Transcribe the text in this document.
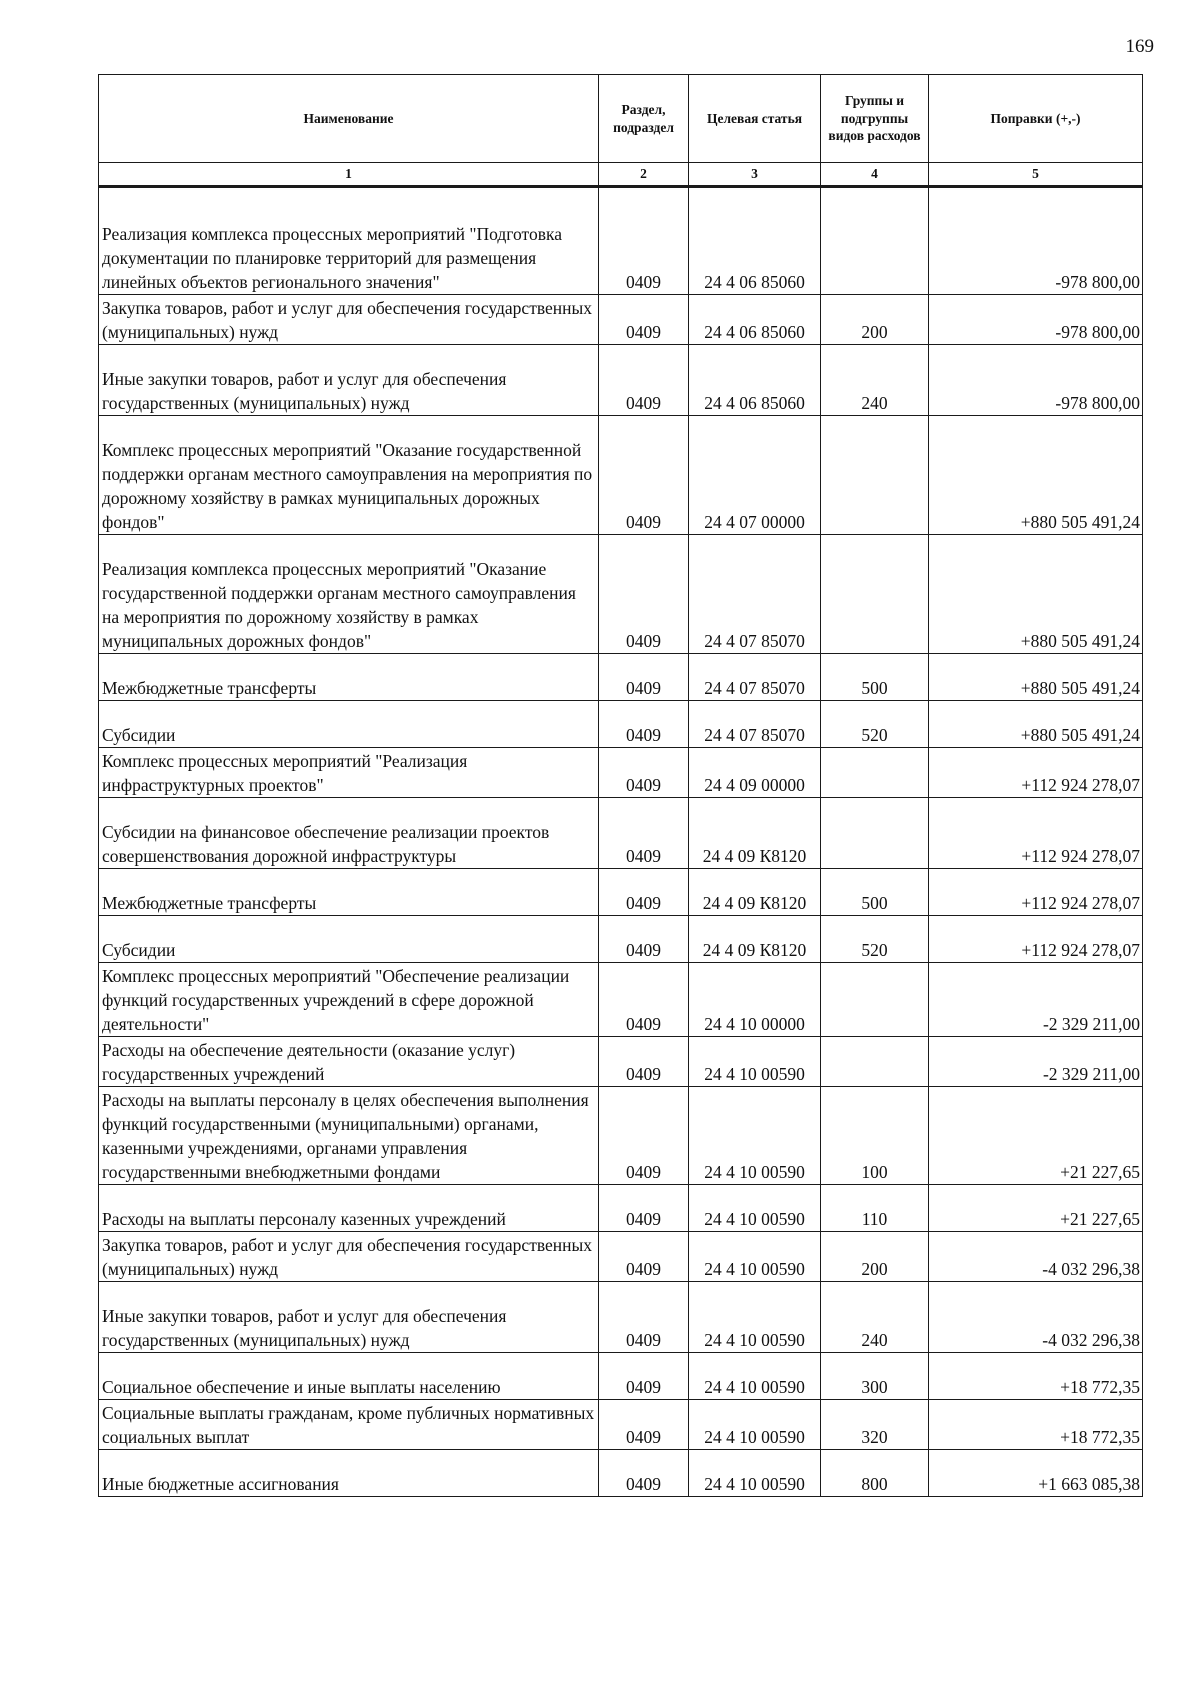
169
Наименование	Раздел, подраздел	Целевая статья	Группы и подгруппы видов расходов	Поправки (+,-)
1	2	3	4	5
Реализация комплекса процессных мероприятий "Подготовка документации по планировке территорий для размещения линейных объектов регионального значения"	0409	24 4 06 85060		-978 800,00
Закупка товаров, работ и услуг для обеспечения государственных (муниципальных) нужд	0409	24 4 06 85060	200	-978 800,00
Иные закупки товаров, работ и услуг для обеспечения государственных (муниципальных) нужд	0409	24 4 06 85060	240	-978 800,00
Комплекс процессных мероприятий "Оказание государственной поддержки органам местного самоуправления на мероприятия по дорожному хозяйству в рамках муниципальных дорожных фондов"	0409	24 4 07 00000		+880 505 491,24
Реализация комплекса процессных мероприятий "Оказание государственной поддержки органам местного самоуправления на мероприятия по дорожному хозяйству в рамках муниципальных дорожных фондов"	0409	24 4 07 85070		+880 505 491,24
Межбюджетные трансферты	0409	24 4 07 85070	500	+880 505 491,24
Субсидии	0409	24 4 07 85070	520	+880 505 491,24
Комплекс процессных мероприятий "Реализация инфраструктурных проектов"	0409	24 4 09 00000		+112 924 278,07
Субсидии на финансовое обеспечение реализации проектов совершенствования дорожной инфраструктуры	0409	24 4 09 К8120		+112 924 278,07
Межбюджетные трансферты	0409	24 4 09 К8120	500	+112 924 278,07
Субсидии	0409	24 4 09 К8120	520	+112 924 278,07
Комплекс процессных мероприятий "Обеспечение реализации функций государственных учреждений в сфере дорожной деятельности"	0409	24 4 10 00000		-2 329 211,00
Расходы на обеспечение деятельности (оказание услуг) государственных учреждений	0409	24 4 10 00590		-2 329 211,00
Расходы на выплаты персоналу в целях обеспечения выполнения функций государственными (муниципальными) органами, казенными учреждениями, органами управления государственными внебюджетными фондами	0409	24 4 10 00590	100	+21 227,65
Расходы на выплаты персоналу казенных учреждений	0409	24 4 10 00590	110	+21 227,65
Закупка товаров, работ и услуг для обеспечения государственных (муниципальных) нужд	0409	24 4 10 00590	200	-4 032 296,38
Иные закупки товаров, работ и услуг для обеспечения государственных (муниципальных) нужд	0409	24 4 10 00590	240	-4 032 296,38
Социальное обеспечение и иные выплаты населению	0409	24 4 10 00590	300	+18 772,35
Социальные выплаты гражданам, кроме публичных нормативных социальных выплат	0409	24 4 10 00590	320	+18 772,35
Иные бюджетные ассигнования	0409	24 4 10 00590	800	+1 663 085,38
